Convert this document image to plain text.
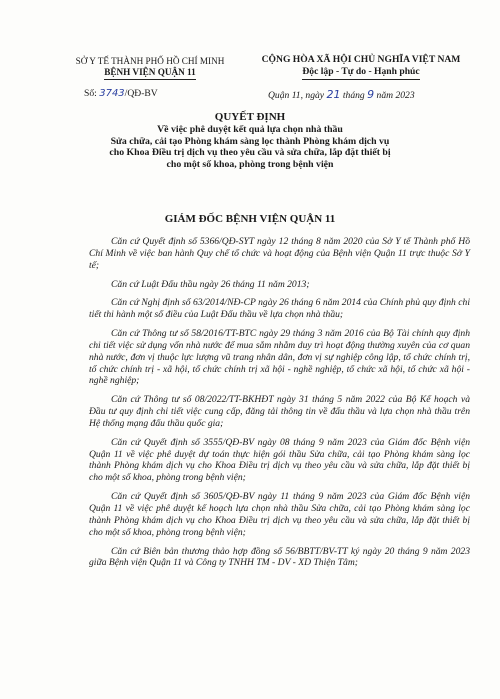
SỞ Y TẾ THÀNH PHỐ HỒ CHÍ MINH
BỆNH VIỆN QUẬN 11
CỘNG HÒA XÃ HỘI CHỦ NGHĨA VIỆT NAM
Độc lập - Tự do - Hạnh phúc
Số: 3743/QĐ-BV	Quận 11, ngày 21 tháng 9 năm 2023
QUYẾT ĐỊNH
Về việc phê duyệt kết quả lựa chọn nhà thầu
Sửa chữa, cải tạo Phòng khám sàng lọc thành Phòng khám dịch vụ
cho Khoa Điều trị dịch vụ theo yêu cầu và sửa chữa, lắp đặt thiết bị
cho một số khoa, phòng trong bệnh viện
GIÁM ĐỐC BỆNH VIỆN QUẬN 11

Căn cứ Quyết định số 5366/QĐ-SYT ngày 12 tháng 8 năm 2020 của Sở Y tế Thành phố Hồ Chí Minh về việc ban hành Quy chế tổ chức và hoạt động của Bệnh viện Quận 11 trực thuộc Sở Y tế;

Căn cứ Luật Đấu thầu ngày 26 tháng 11 năm 2013;

Căn cứ Nghị định số 63/2014/NĐ-CP ngày 26 tháng 6 năm 2014 của Chính phủ quy định chi tiết thi hành một số điều của Luật Đấu thầu về lựa chọn nhà thầu;

Căn cứ Thông tư số 58/2016/TT-BTC ngày 29 tháng 3 năm 2016 của Bộ Tài chính quy định chi tiết việc sử dụng vốn nhà nước để mua sắm nhằm duy trì hoạt động thường xuyên của cơ quan nhà nước, đơn vị thuộc lực lượng vũ trang nhân dân, đơn vị sự nghiệp công lập, tổ chức chính trị, tổ chức chính trị - xã hội, tổ chức chính trị xã hội - nghề nghiệp, tổ chức xã hội, tổ chức xã hội - nghề nghiệp;

Căn cứ Thông tư số 08/2022/TT-BKHĐT ngày 31 tháng 5 năm 2022 của Bộ Kế hoạch và Đầu tư quy định chi tiết việc cung cấp, đăng tải thông tin về đấu thầu và lựa chọn nhà thầu trên Hệ thống mạng đấu thầu quốc gia;

Căn cứ Quyết định số 3555/QĐ-BV ngày 08 tháng 9 năm 2023 của Giám đốc Bệnh viện Quận 11 về việc phê duyệt dự toán thực hiện gói thầu Sửa chữa, cải tạo Phòng khám sàng lọc thành Phòng khám dịch vụ cho Khoa Điều trị dịch vụ theo yêu cầu và sửa chữa, lắp đặt thiết bị cho một số khoa, phòng trong bệnh viện;

Căn cứ Quyết định số 3605/QĐ-BV ngày 11 tháng 9 năm 2023 của Giám đốc Bệnh viện Quận 11 về việc phê duyệt kế hoạch lựa chọn nhà thầu Sửa chữa, cải tạo Phòng khám sàng lọc thành Phòng khám dịch vụ cho Khoa Điều trị dịch vụ theo yêu cầu và sửa chữa, lắp đặt thiết bị cho một số khoa, phòng trong bệnh viện;

Căn cứ Biên bản thương thảo hợp đồng số 56/BBTT/BV-TT ký ngày 20 tháng 9 năm 2023 giữa Bệnh viện Quận 11 và Công ty TNHH TM - DV - XD Thiện Tâm;
